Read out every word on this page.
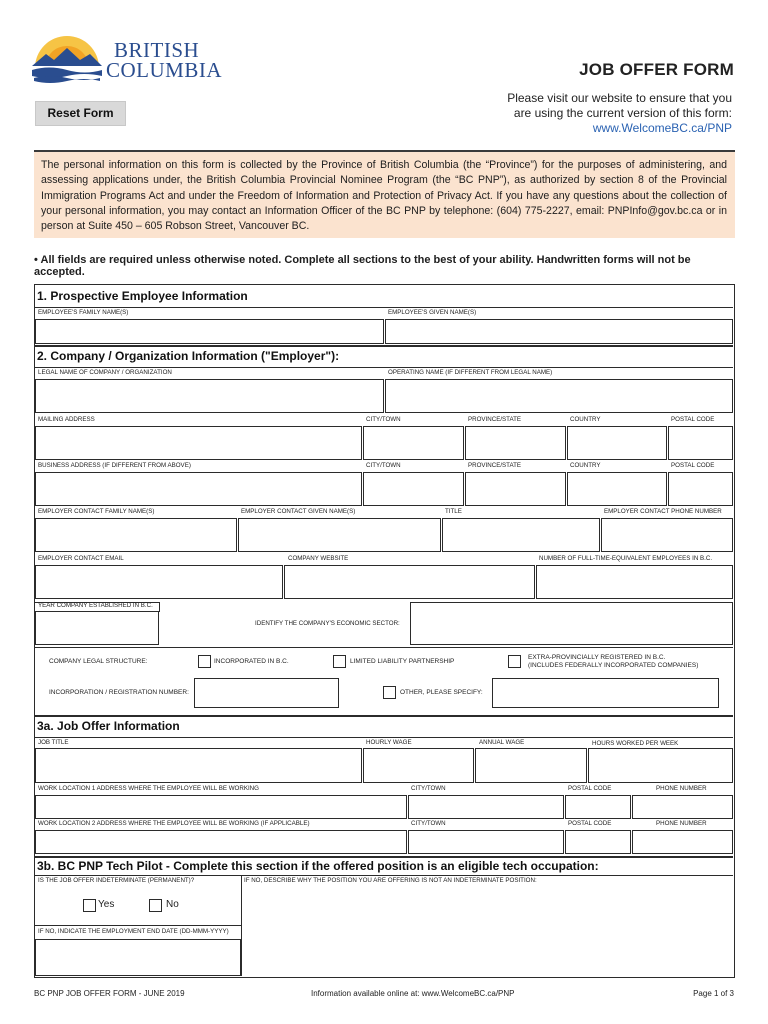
BRITISH
COLUMBIA	JOB OFFER FORM
Reset Form
Please visit our website to ensure that you
are using the current version of this form:
www.WelcomeBC.ca/PNP
The personal information on this form is collected by the Province of British Columbia (the “Province”) for the purposes of administering, and assessing applications under, the British Columbia Provincial Nominee Program (the “BC PNP”), as authorized by section 8 of the Provincial Immigration Programs Act and under the Freedom of Information and Protection of Privacy Act. If you have any questions about the collection of your personal information, you may contact an Information Officer of the BC PNP by telephone: (604) 775-2227, email: PNPInfo@gov.bc.ca or in person at Suite 450 – 605 Robson Street, Vancouver BC.
• All fields are required unless otherwise noted. Complete all sections to the best of your ability. Handwritten forms will not be accepted.
1. Prospective Employee Information
EMPLOYEE'S FAMILY NAME(S)	EMPLOYEE'S GIVEN NAME(S)
2. Company / Organization Information ("Employer"):
LEGAL NAME OF COMPANY / ORGANIZATION	OPERATING NAME (IF DIFFERENT FROM LEGAL NAME)
MAILING ADDRESS	CITY/TOWN	PROVINCE/STATE	COUNTRY	POSTAL CODE
BUSINESS ADDRESS (IF DIFFERENT FROM ABOVE)	CITY/TOWN	PROVINCE/STATE	COUNTRY	POSTAL CODE
EMPLOYER CONTACT FAMILY NAME(S)	EMPLOYER CONTACT GIVEN NAME(S)	TITLE	EMPLOYER CONTACT PHONE NUMBER
EMPLOYER CONTACT EMAIL	COMPANY WEBSITE	NUMBER OF FULL-TIME-EQUIVALENT EMPLOYEES IN B.C.
YEAR COMPANY ESTABLISHED IN B.C.
IDENTIFY THE COMPANY'S ECONOMIC SECTOR:
COMPANY LEGAL STRUCTURE:	INCORPORATED IN B.C.	LIMITED LIABILITY PARTNERSHIP
EXTRA-PROVINCIALLY REGISTERED IN B.C.
(INCLUDES FEDERALLY INCORPORATED COMPANIES)
INCORPORATION / REGISTRATION NUMBER:	OTHER, PLEASE SPECIFY:
3a. Job Offer Information
JOB TITLE	HOURLY WAGE	ANNUAL WAGE	HOURS WORKED PER WEEK
WORK LOCATION 1 ADDRESS WHERE THE EMPLOYEE WILL BE WORKING	CITY/TOWN	POSTAL CODE	PHONE NUMBER
WORK LOCATION 2 ADDRESS WHERE THE EMPLOYEE WILL BE WORKING (IF APPLICABLE)	CITY/TOWN	POSTAL CODE	PHONE NUMBER
3b. BC PNP Tech Pilot - Complete this section if the offered position is an eligible tech occupation:
IS THE JOB OFFER INDETERMINATE (PERMANENT)?	IF NO, DESCRIBE WHY THE POSITION YOU ARE OFFERING IS NOT AN INDETERMINATE POSITION:
Yes	No
IF NO, INDICATE THE EMPLOYMENT END DATE (DD-MMM-YYYY)
BC PNP JOB OFFER FORM - JUNE 2019	Information available online at: www.WelcomeBC.ca/PNP	Page 1 of 3
